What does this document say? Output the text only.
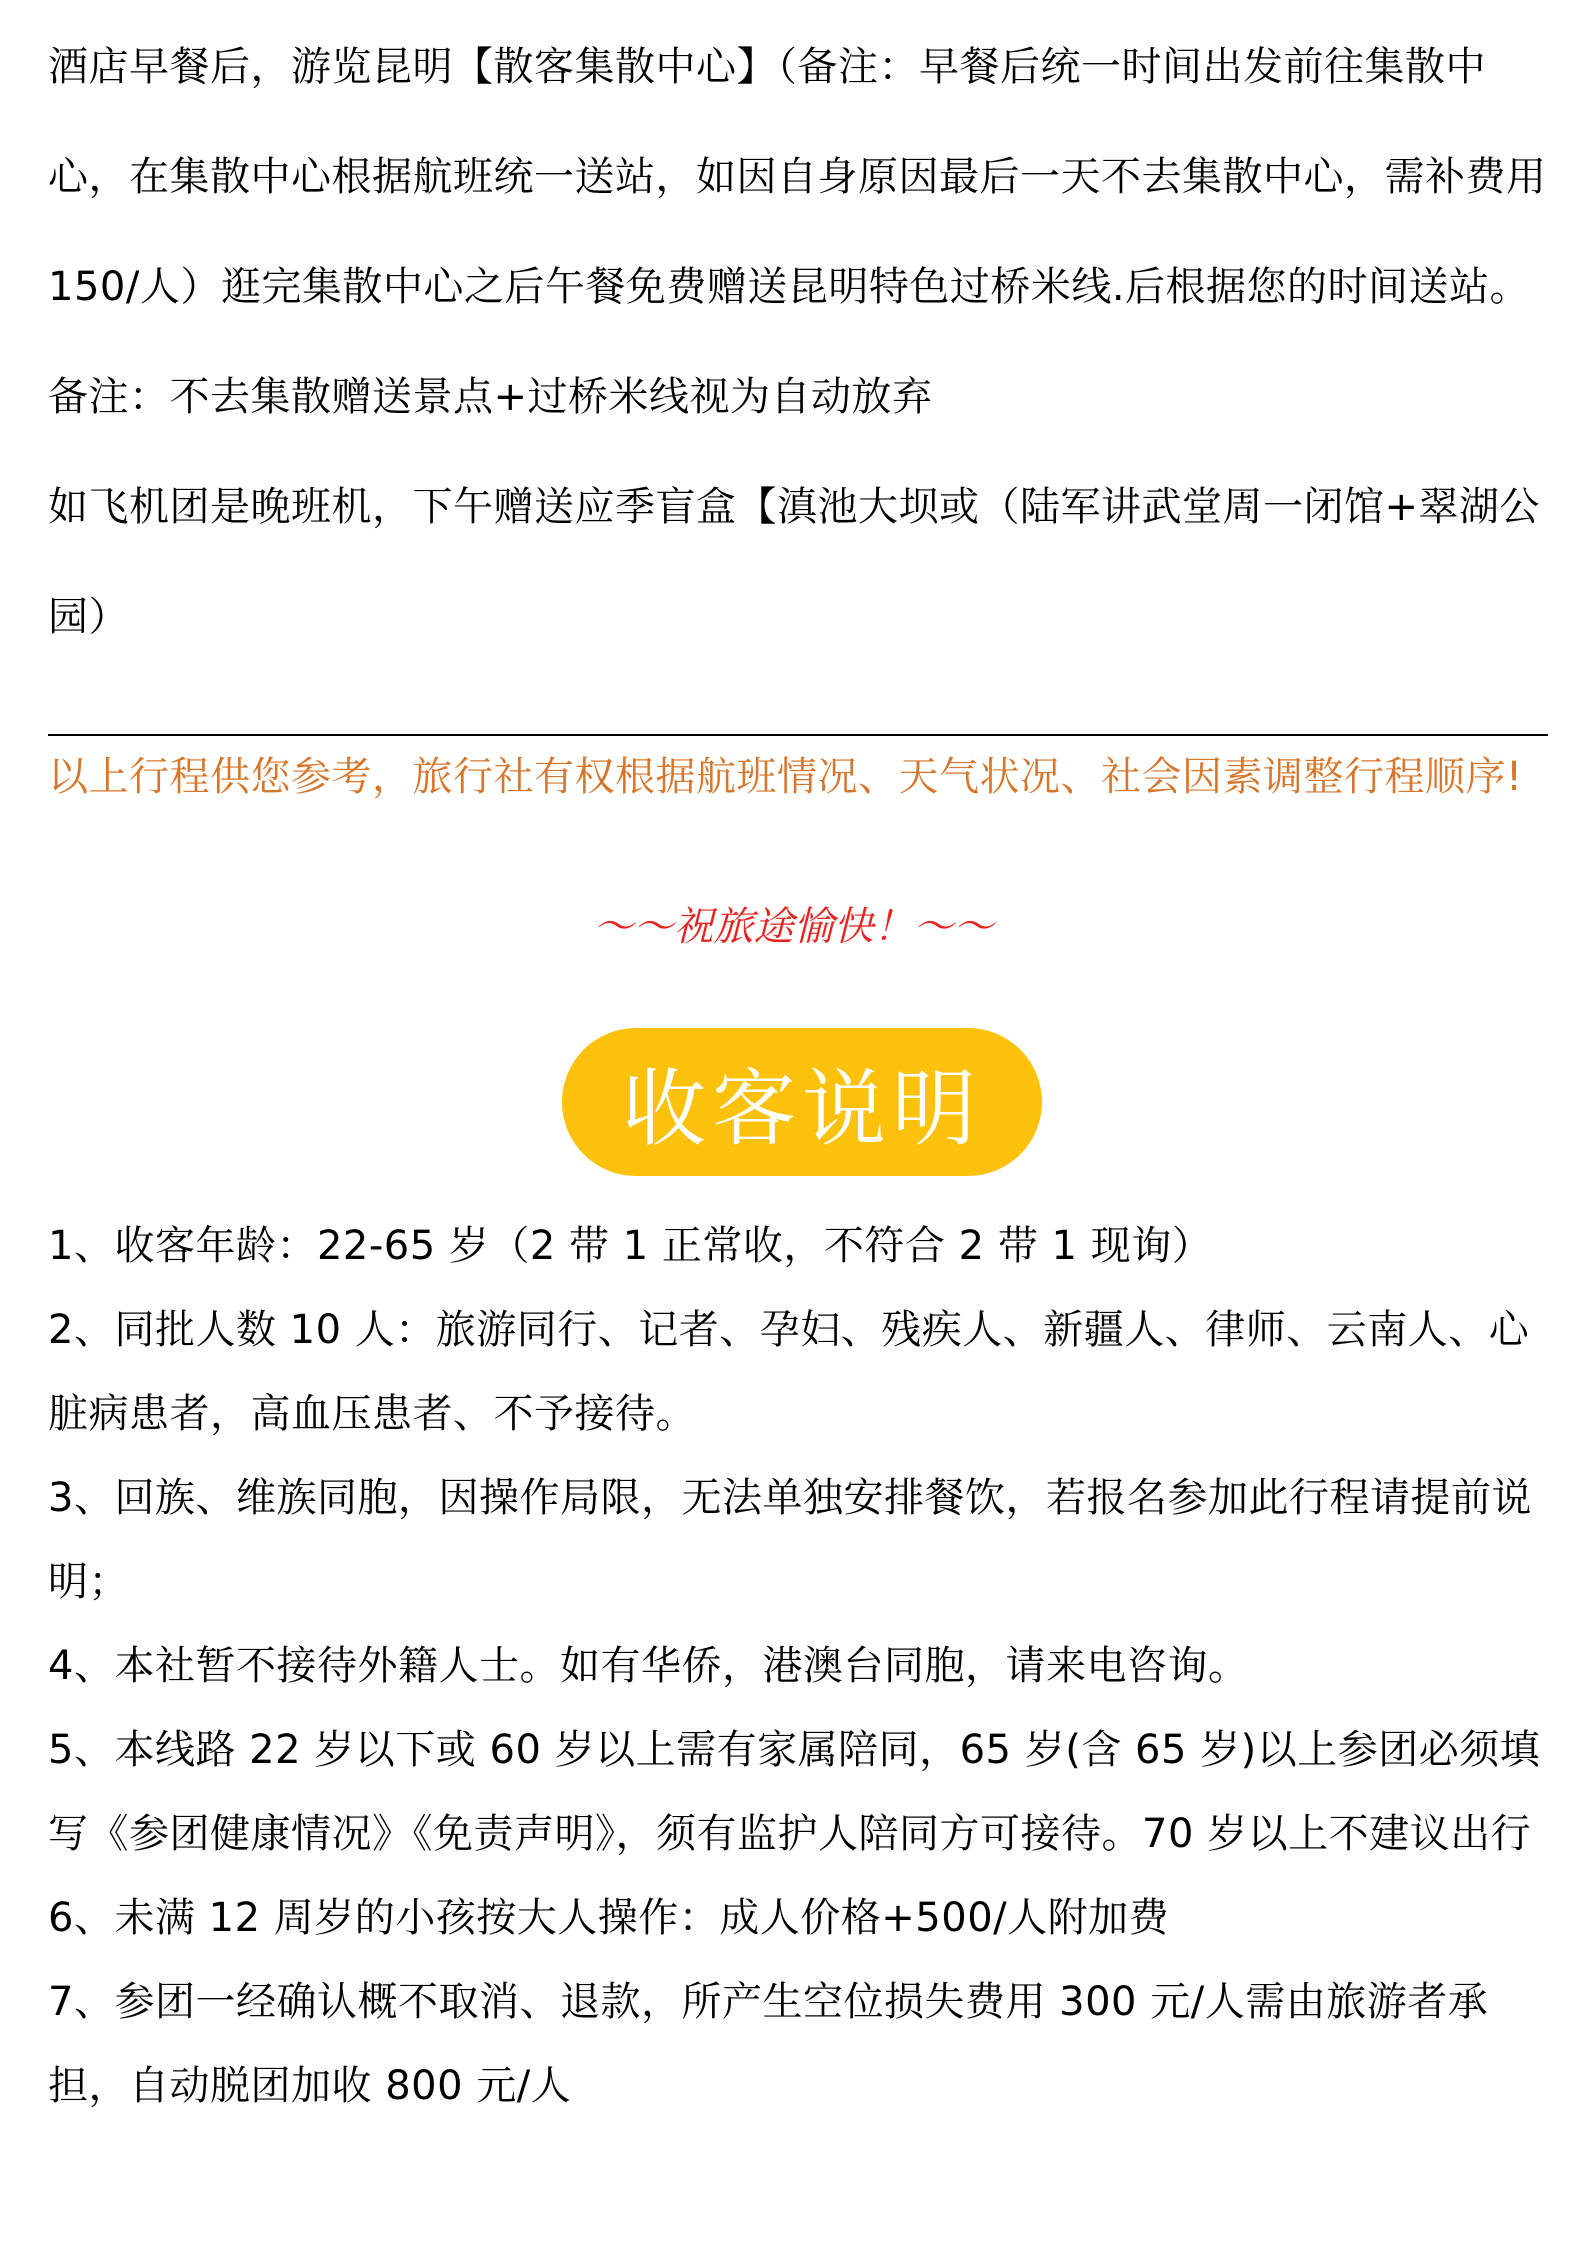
酒店早餐后，游览昆明【散客集散中心】（备注：早餐后统一时间出发前往集散中心，在集散中心根据航班统一送站，如因自身原因最后一天不去集散中心，需补费用 150/人）逛完集散中心之后午餐免费赠送昆明特色过桥米线.后根据您的时间送站。备注：不去集散赠送景点+过桥米线视为自动放弃

如飞机团是晚班机，下午赠送应季盲盒【滇池大坝或（陆军讲武堂周一闭馆+翠湖公园）

以上行程供您参考，旅行社有权根据航班情况、天气状况、社会因素调整行程顺序!
～～祝旅途愉快！～～
收客说明

1、收客年龄：22-65 岁（2 带 1 正常收，不符合 2 带 1 现询）

2、同批人数 10 人：旅游同行、记者、孕妇、残疾人、新疆人、律师、云南人、心脏病患者，高血压患者、不予接待。

3、回族、维族同胞，因操作局限，无法单独安排餐饮，若报名参加此行程请提前说明；

4、本社暂不接待外籍人士。如有华侨，港澳台同胞，请来电咨询。

5、本线路 22 岁以下或 60 岁以上需有家属陪同，65 岁(含 65 岁)以上参团必须填写《参团健康情况》《免责声明》，须有监护人陪同方可接待。70 岁以上不建议出行

6、未满 12 周岁的小孩按大人操作：成人价格+500/人附加费

7、参团一经确认概不取消、退款，所产生空位损失费用 300 元/人需由旅游者承担，自动脱团加收 800 元/人
